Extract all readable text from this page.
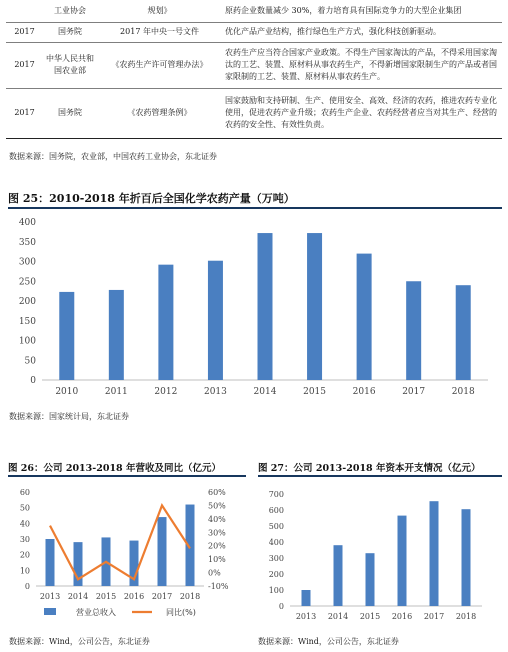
	工业协会	规划》	原药企业数量减少 30%，着力培育具有国际竞争力的大型企业集团
2017	国务院	2017 年中央一号文件	优化产品产业结构，推行绿色生产方式，强化科技创新驱动。
2017	中华人民共和国农业部	《农药生产许可管理办法》	农药生产应当符合国家产业政策。不得生产国家淘汰的产品，不得采用国家淘汰的工艺、装置、原材料从事农药生产，不得新增国家限制生产的产品或者国家限制的工艺、装置、原材料从事农药生产。
2017	国务院	《农药管理条例》	国家鼓励和支持研制、生产、使用安全、高效、经济的农药，推进农药专业化使用，促进农药产业升级；农药生产企业、农药经营者应当对其生产、经营的农药的安全性、有效性负责。
数据来源：国务院，农业部，中国农药工业协会，东北证券
图 25：2010-2018 年折百后全国化学农药产量（万吨）
0
50
100
150
200
250
300
350
400
2010	2011	2012	2013	2014	2015	2016	2017	2018
数据来源：国家统计局，东北证券
图 26：公司 2013-2018 年营收及同比（亿元）
0
10
20
30
40
50
60
-10%
0%
10%
20%
30%
40%
50%
60%
2013 2014 2015 2016 2017 2018
营业总收入	同比(%)
数据来源：Wind，公司公告，东北证券
图 27：公司 2013-2018 年资本开支情况（亿元）
0
100
200
300
400
500
600
700
2013 2014 2015 2016 2017 2018
数据来源：Wind，公司公告，东北证券
